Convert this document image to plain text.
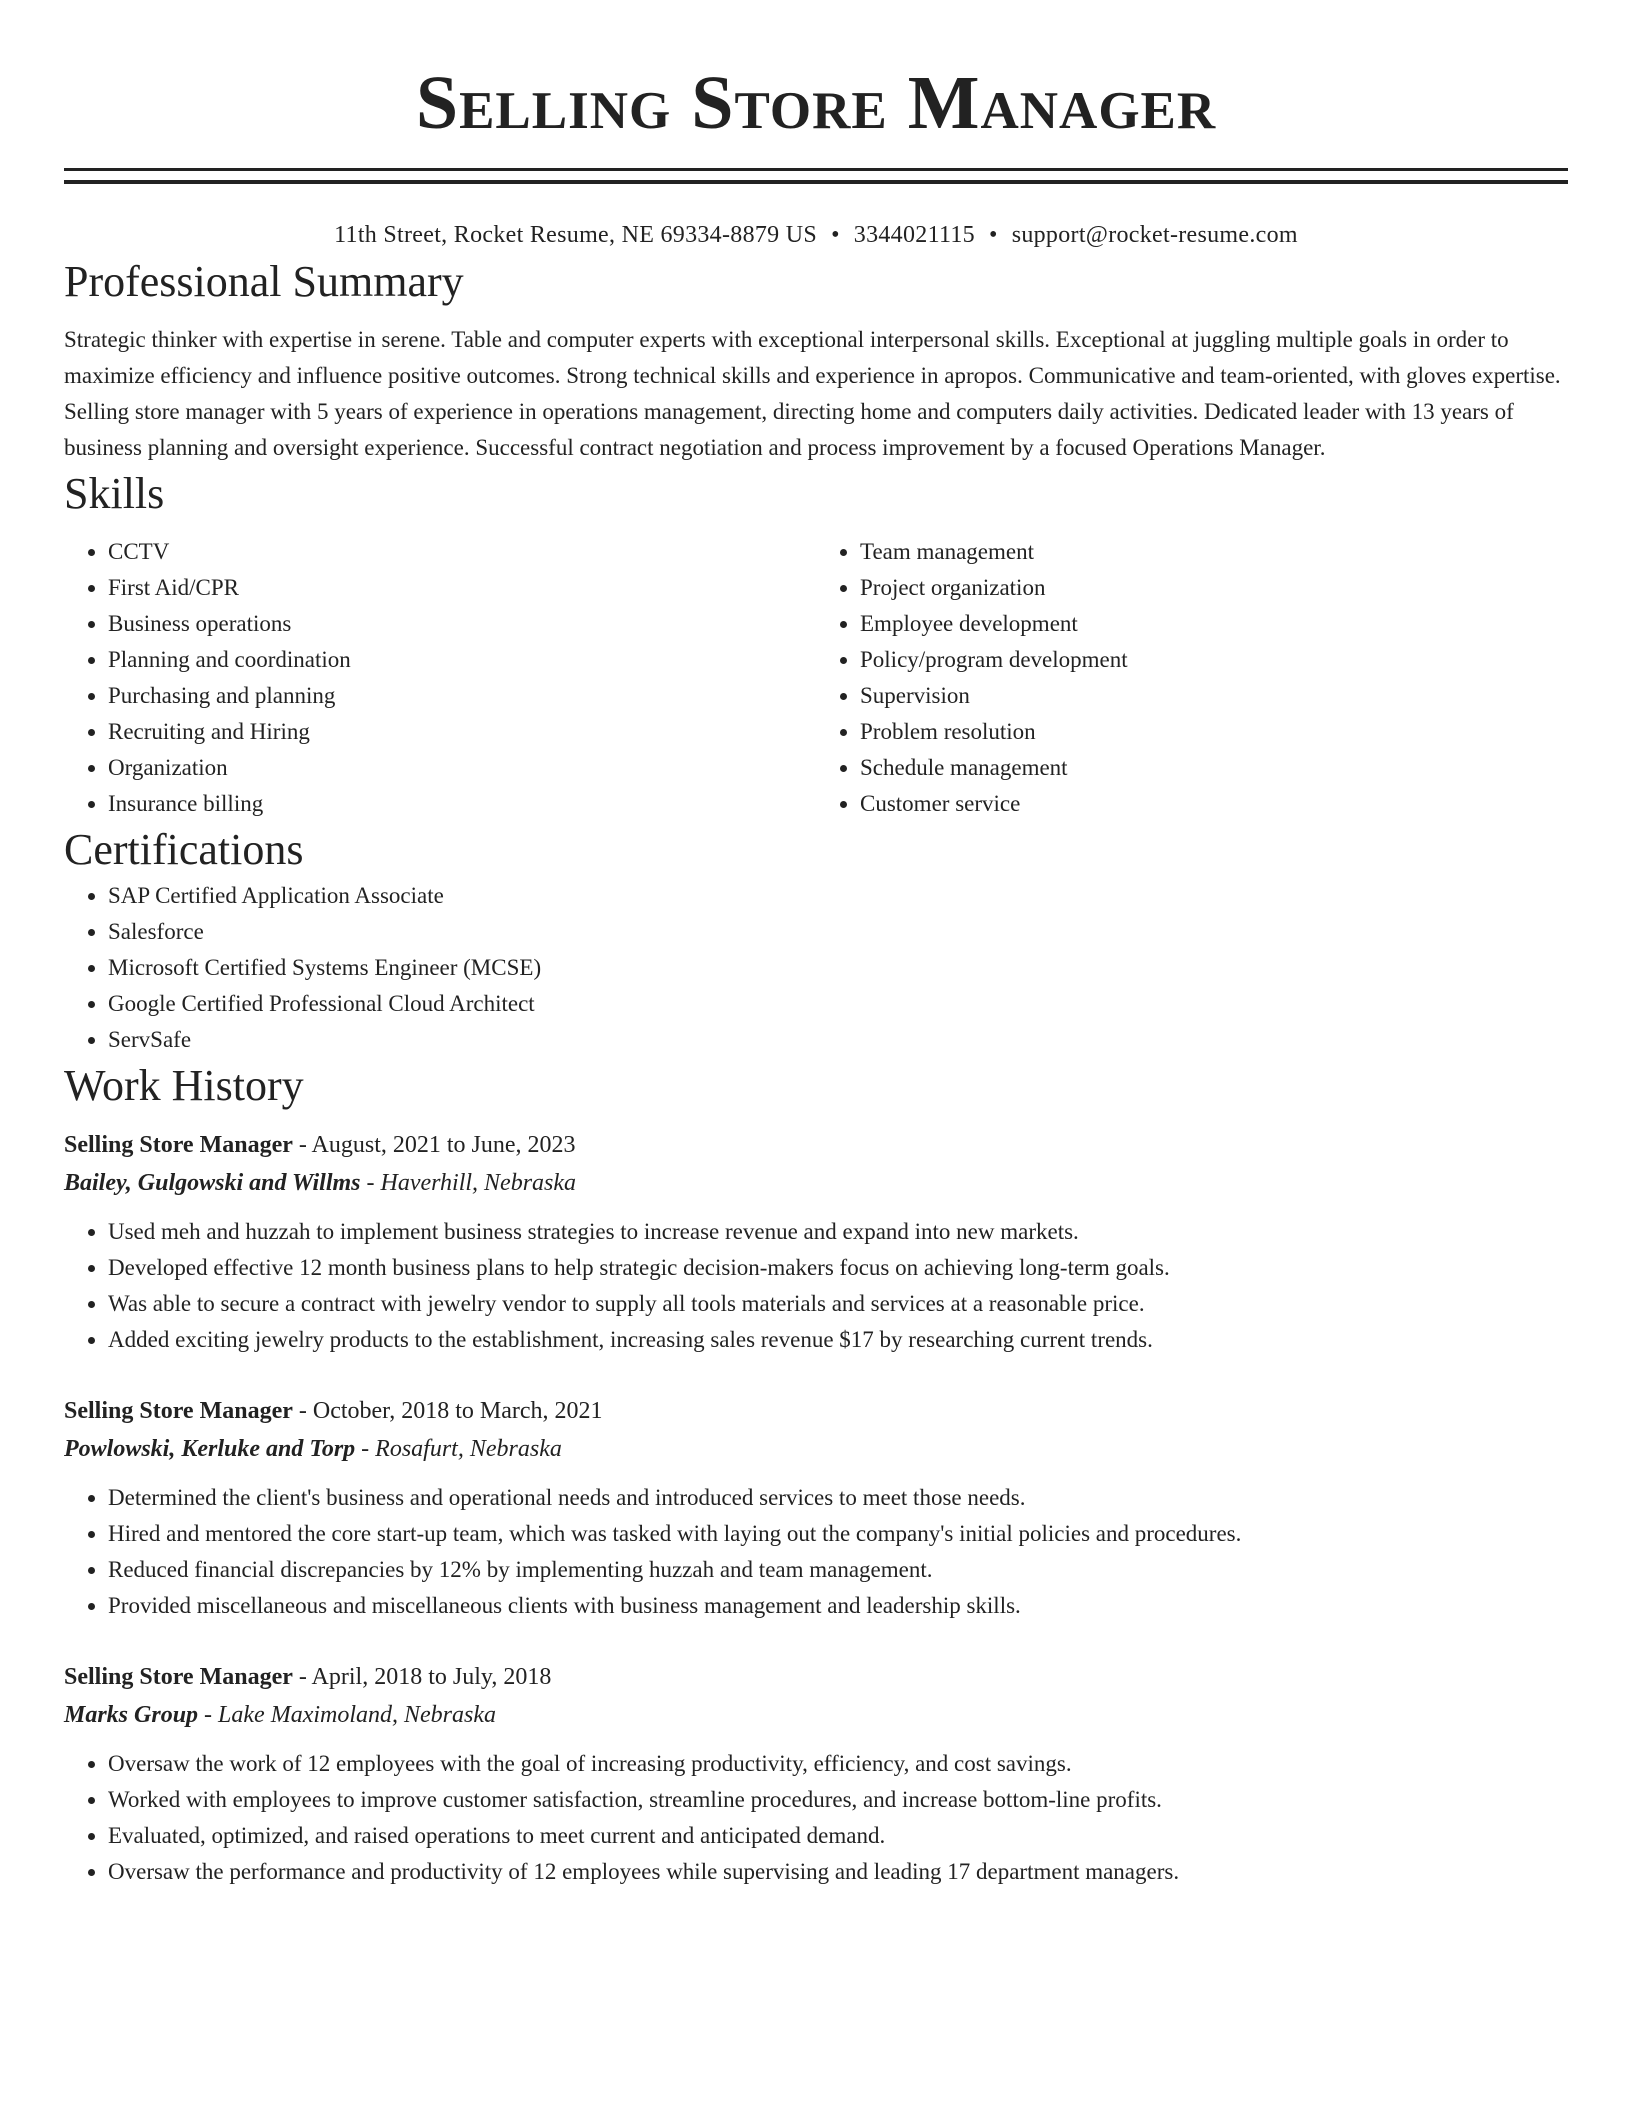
Selling Store Manager
11th Street, Rocket Resume, NE 69334-8879 US • 3344021115 • support@rocket-resume.com
Professional Summary

Strategic thinker with expertise in serene. Table and computer experts with exceptional interpersonal skills. Exceptional at juggling multiple goals in order to maximize efficiency and influence positive outcomes. Strong technical skills and experience in apropos. Communicative and team-oriented, with gloves expertise. Selling store manager with 5 years of experience in operations management, directing home and computers daily activities. Dedicated leader with 13 years of business planning and oversight experience. Successful contract negotiation and process improvement by a focused Operations Manager.

Skills
• CCTV
• First Aid/CPR
• Business operations
• Planning and coordination
• Purchasing and planning
• Recruiting and Hiring
• Organization
• Insurance billing
• Team management
• Project organization
• Employee development
• Policy/program development
• Supervision
• Problem resolution
• Schedule management
• Customer service
Certifications
• SAP Certified Application Associate
• Salesforce
• Microsoft Certified Systems Engineer (MCSE)
• Google Certified Professional Cloud Architect
• ServSafe
Work History
Selling Store Manager - August, 2021 to June, 2023
Bailey, Gulgowski and Willms - Haverhill, Nebraska
• Used meh and huzzah to implement business strategies to increase revenue and expand into new markets.
• Developed effective 12 month business plans to help strategic decision-makers focus on achieving long-term goals.
• Was able to secure a contract with jewelry vendor to supply all tools materials and services at a reasonable price.
• Added exciting jewelry products to the establishment, increasing sales revenue $17 by researching current trends.
Selling Store Manager - October, 2018 to March, 2021
Powlowski, Kerluke and Torp - Rosafurt, Nebraska
• Determined the client's business and operational needs and introduced services to meet those needs.
• Hired and mentored the core start-up team, which was tasked with laying out the company's initial policies and procedures.
• Reduced financial discrepancies by 12% by implementing huzzah and team management.
• Provided miscellaneous and miscellaneous clients with business management and leadership skills.
Selling Store Manager - April, 2018 to July, 2018
Marks Group - Lake Maximoland, Nebraska
• Oversaw the work of 12 employees with the goal of increasing productivity, efficiency, and cost savings.
• Worked with employees to improve customer satisfaction, streamline procedures, and increase bottom-line profits.
• Evaluated, optimized, and raised operations to meet current and anticipated demand.
• Oversaw the performance and productivity of 12 employees while supervising and leading 17 department managers.
